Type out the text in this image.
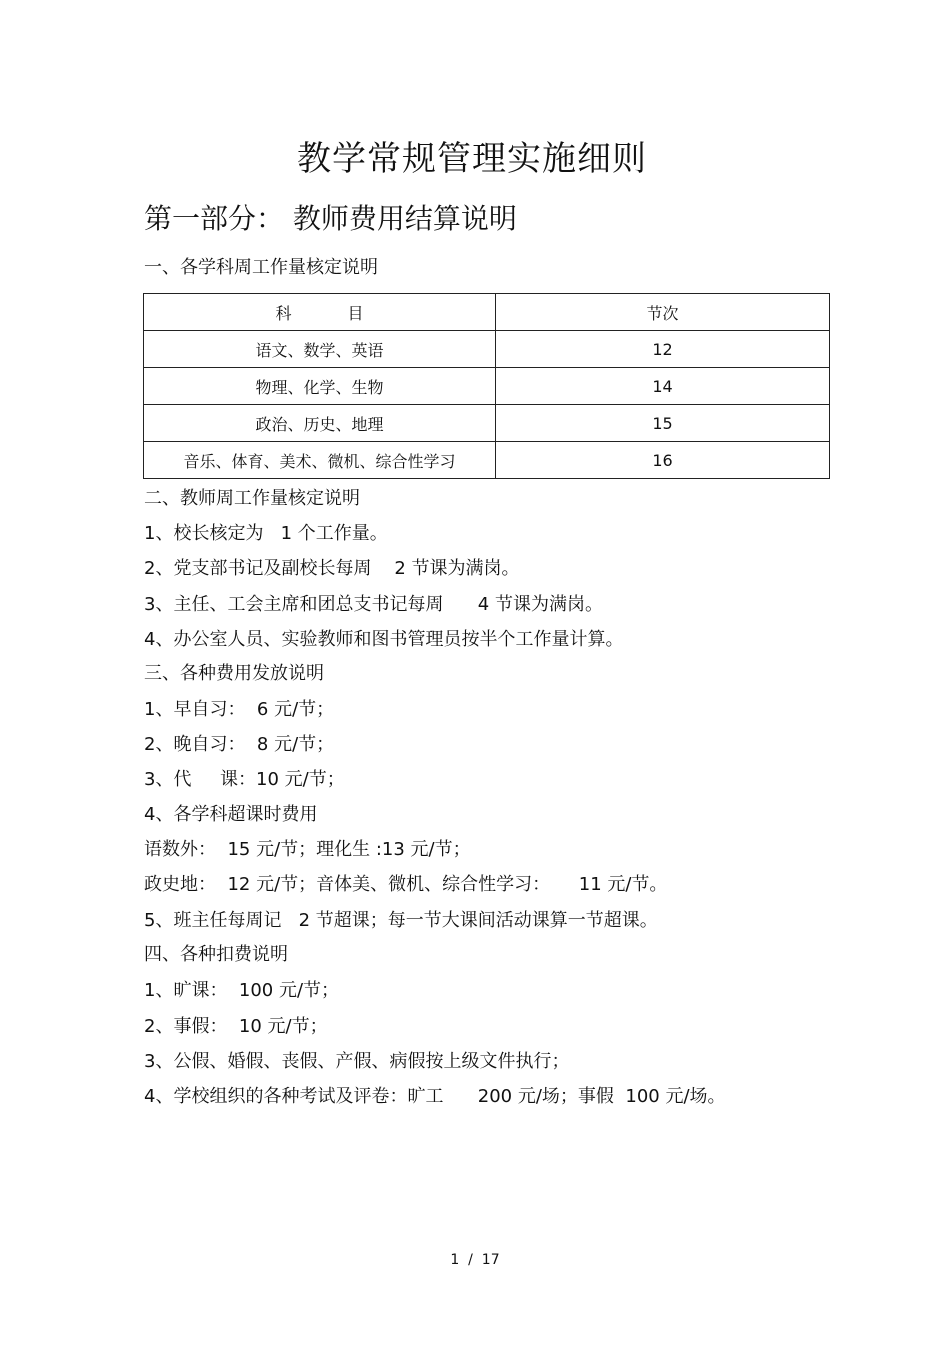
教学常规管理实施细则
第一部分： 教师费用结算说明
一、各学科周工作量核定说明
科           目	节次
语文、数学、英语	12
物理、化学、生物	14
政治、历史、地理	15
音乐、体育、美术、微机、综合性学习	16
二、教师周工作量核定说明
1、校长核定为   1 个工作量。
2、党支部书记及副校长每周    2 节课为满岗。
3、主任、工会主席和团总支书记每周      4 节课为满岗。
4、办公室人员、实验教师和图书管理员按半个工作量计算。
三、各种费用发放说明
1、早自习：  6 元/节；
2、晚自习：  8 元/节；
3、代     课：10 元/节；
4、各学科超课时费用
语数外：  15 元/节；理化生 :13 元/节；
政史地：  12 元/节；音体美、微机、综合性学习：     11 元/节。
5、班主任每周记   2 节超课；每一节大课间活动课算一节超课。
四、各种扣费说明
1、旷课：  100 元/节；
2、事假：  10 元/节；
3、公假、婚假、丧假、产假、病假按上级文件执行；
4、学校组织的各种考试及评卷：旷工      200 元/场；事假  100 元/场。
1  /  17
